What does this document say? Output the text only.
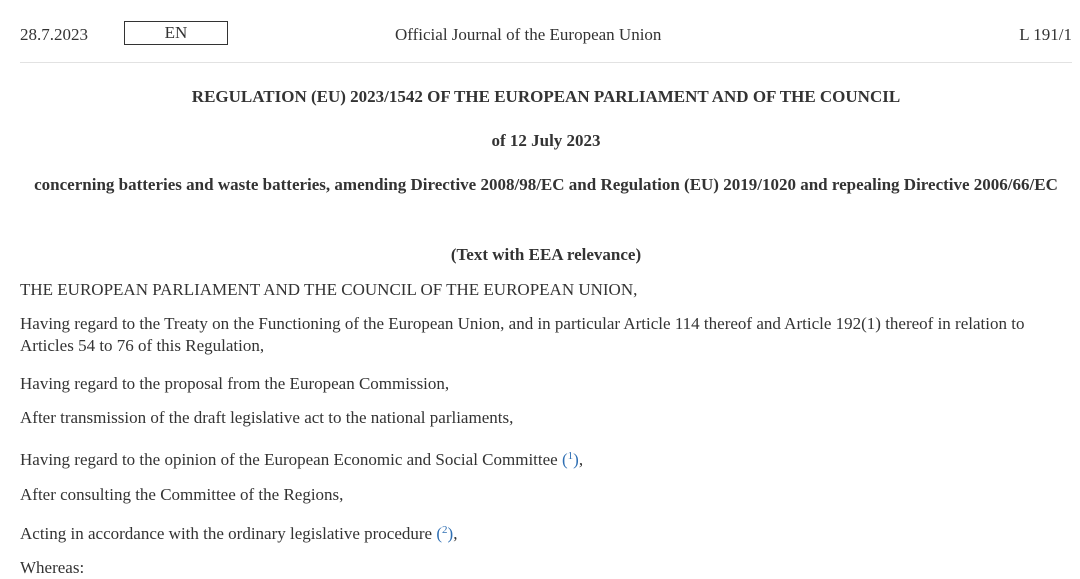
28.7.2023	EN	Official Journal of the European Union	L 191/1
REGULATION (EU) 2023/1542 OF THE EUROPEAN PARLIAMENT AND OF THE COUNCIL
of 12 July 2023
concerning batteries and waste batteries, amending Directive 2008/98/EC and Regulation (EU) 2019/1020 and repealing Directive 2006/66/EC
(Text with EEA relevance)
THE EUROPEAN PARLIAMENT AND THE COUNCIL OF THE EUROPEAN UNION,
Having regard to the Treaty on the Functioning of the European Union, and in particular Article 114 thereof and Article 192(1) thereof in relation to Articles 54 to 76 of this Regulation,
Having regard to the proposal from the European Commission,
After transmission of the draft legislative act to the national parliaments,
Having regard to the opinion of the European Economic and Social Committee ($^1$),
After consulting the Committee of the Regions,
Acting in accordance with the ordinary legislative procedure ($^2$),
Whereas:
